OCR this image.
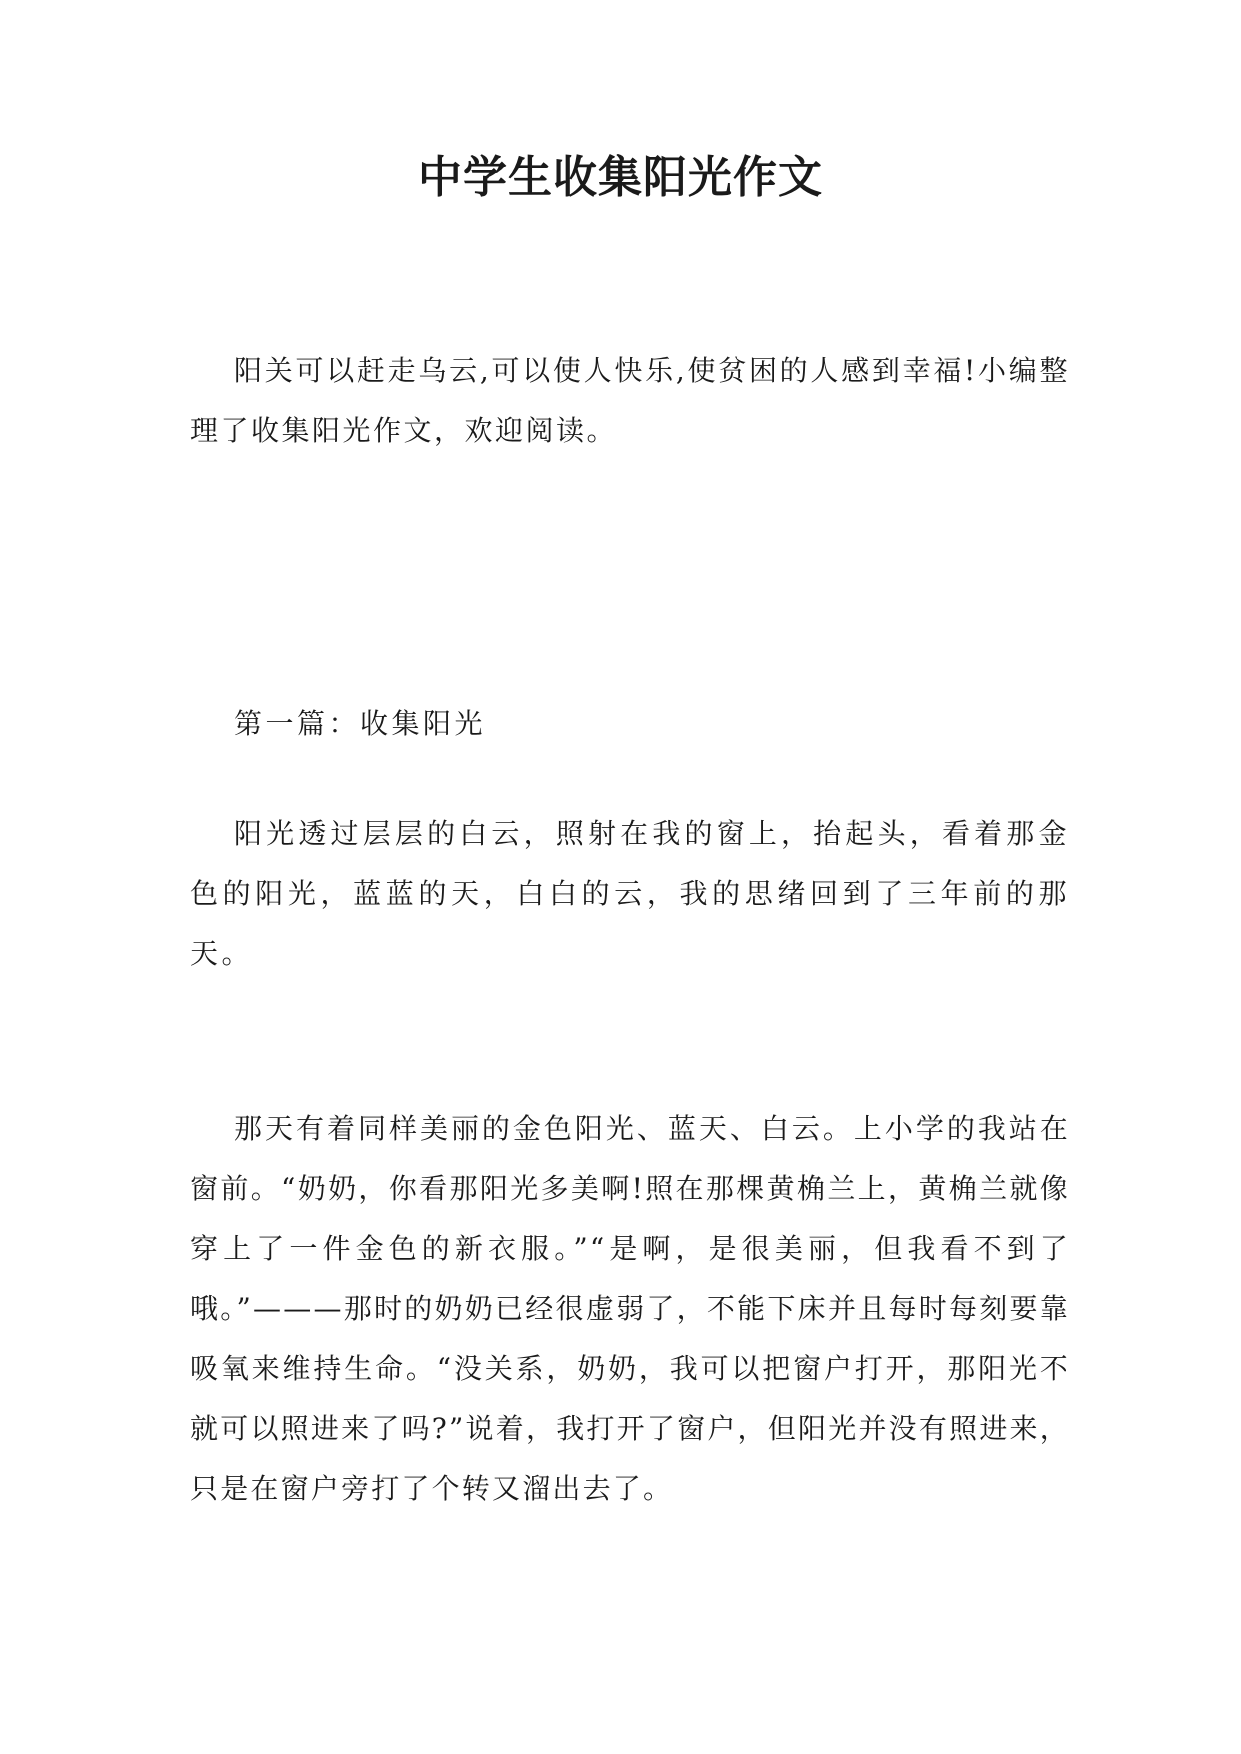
中学生收集阳光作文

阳关可以赶走乌云,可以使人快乐,使贫困的人感到幸福!小编整理了收集阳光作文，欢迎阅读。

第一篇：收集阳光

阳光透过层层的白云，照射在我的窗上，抬起头，看着那金色的阳光，蓝蓝的天，白白的云，我的思绪回到了三年前的那天。

那天有着同样美丽的金色阳光、蓝天、白云。上小学的我站在窗前。“奶奶，你看那阳光多美啊!照在那棵黄桷兰上，黄桷兰就像穿上了一件金色的新衣服。”“是啊，是很美丽，但我看不到了哦。”———那时的奶奶已经很虚弱了，不能下床并且每时每刻要靠吸氧来维持生命。“没关系，奶奶，我可以把窗户打开，那阳光不就可以照进来了吗?”说着，我打开了窗户，但阳光并没有照进来，只是在窗户旁打了个转又溜出去了。
